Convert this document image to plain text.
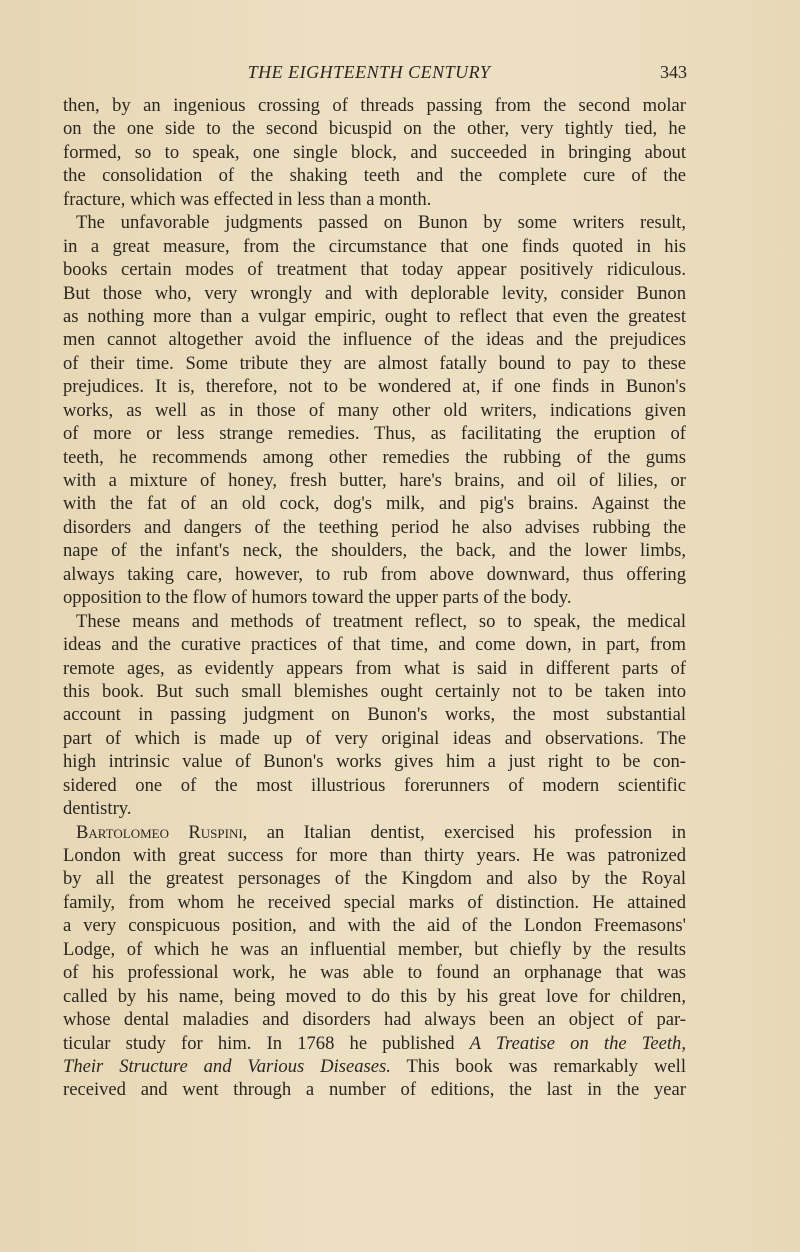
THE EIGHTEENTH CENTURY	343
then, by an ingenious crossing of threads passing from the second molar
on the one side to the second bicuspid on the other, very tightly tied, he
formed, so to speak, one single block, and succeeded in bringing about
the consolidation of the shaking teeth and the complete cure of the
fracture, which was effected in less than a month.
The unfavorable judgments passed on Bunon by some writers result,
in a great measure, from the circumstance that one finds quoted in his
books certain modes of treatment that today appear positively ridiculous.
But those who, very wrongly and with deplorable levity, consider Bunon
as nothing more than a vulgar empiric, ought to reflect that even the greatest
men cannot altogether avoid the influence of the ideas and the prejudices
of their time. Some tribute they are almost fatally bound to pay to these
prejudices. It is, therefore, not to be wondered at, if one finds in Bunon's
works, as well as in those of many other old writers, indications given
of more or less strange remedies. Thus, as facilitating the eruption of
teeth, he recommends among other remedies the rubbing of the gums
with a mixture of honey, fresh butter, hare's brains, and oil of lilies, or
with the fat of an old cock, dog's milk, and pig's brains. Against the
disorders and dangers of the teething period he also advises rubbing the
nape of the infant's neck, the shoulders, the back, and the lower limbs,
always taking care, however, to rub from above downward, thus offering
opposition to the flow of humors toward the upper parts of the body.
These means and methods of treatment reflect, so to speak, the medical
ideas and the curative practices of that time, and come down, in part, from
remote ages, as evidently appears from what is said in different parts of
this book. But such small blemishes ought certainly not to be taken into
account in passing judgment on Bunon's works, the most substantial
part of which is made up of very original ideas and observations. The
high intrinsic value of Bunon's works gives him a just right to be con-
sidered one of the most illustrious forerunners of modern scientific
dentistry.
Bartolomeo Ruspini, an Italian dentist, exercised his profession in
London with great success for more than thirty years. He was patronized
by all the greatest personages of the Kingdom and also by the Royal
family, from whom he received special marks of distinction. He attained
a very conspicuous position, and with the aid of the London Freemasons'
Lodge, of which he was an influential member, but chiefly by the results
of his professional work, he was able to found an orphanage that was
called by his name, being moved to do this by his great love for children,
whose dental maladies and disorders had always been an object of par-
ticular study for him. In 1768 he published A Treatise on the Teeth,
Their Structure and Various Diseases. This book was remarkably well
received and went through a number of editions, the last in the year
